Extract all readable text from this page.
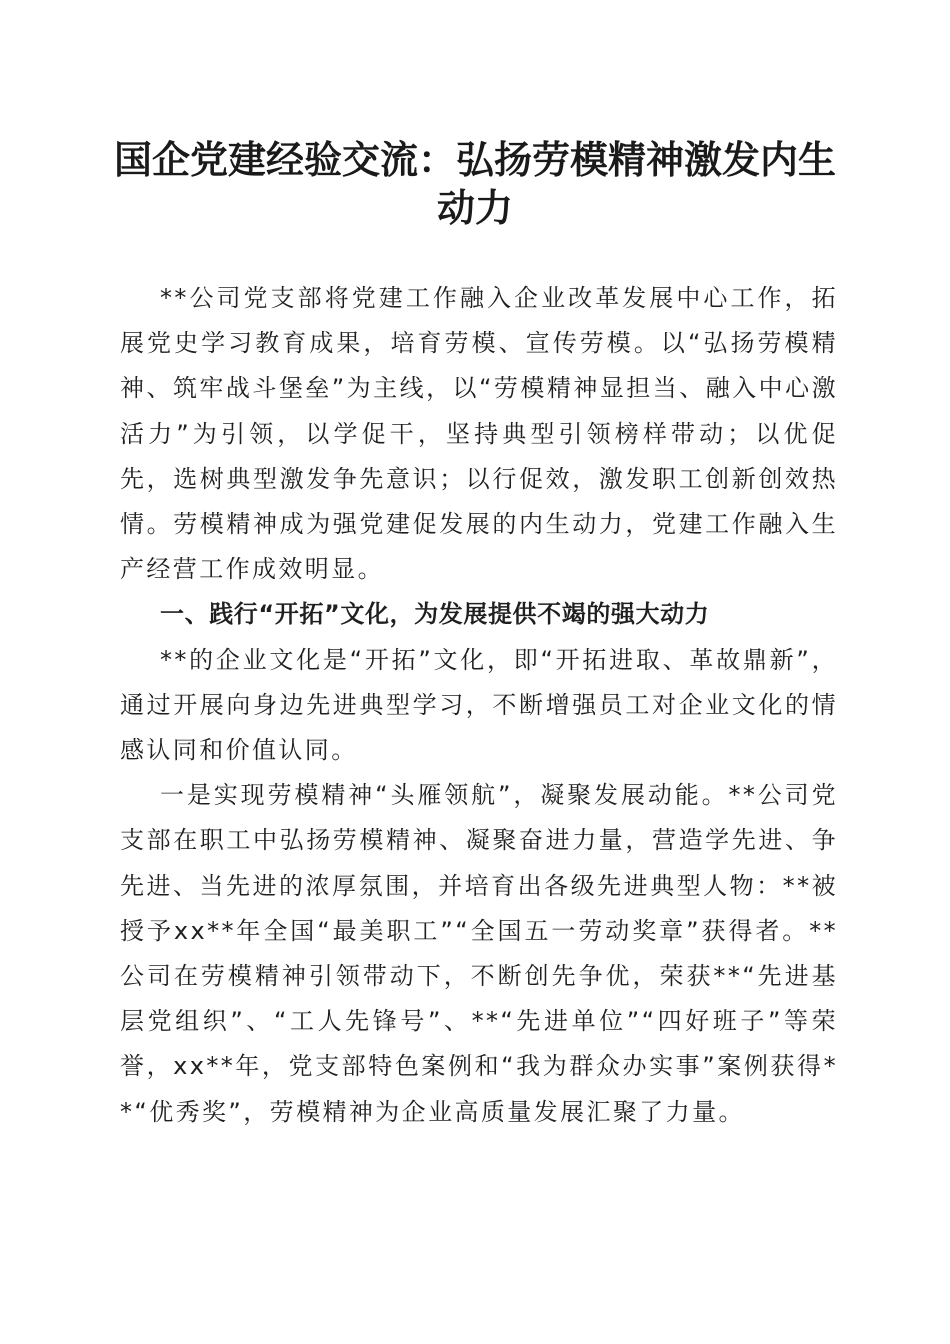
国企党建经验交流：弘扬劳模精神激发内生动力

**公司党支部将党建工作融入企业改革发展中心工作，拓展党史学习教育成果，培育劳模、宣传劳模。以“弘扬劳模精神、筑牢战斗堡垒”为主线，以“劳模精神显担当、融入中心激活力”为引领，以学促干，坚持典型引领榜样带动；以优促先，选树典型激发争先意识；以行促效，激发职工创新创效热情。劳模精神成为强党建促发展的内生动力，党建工作融入生产经营工作成效明显。

一、践行“开拓”文化，为发展提供不竭的强大动力

**的企业文化是“开拓”文化，即“开拓进取、革故鼎新”，通过开展向身边先进典型学习，不断增强员工对企业文化的情感认同和价值认同。

一是实现劳模精神“头雁领航”，凝聚发展动能。**公司党支部在职工中弘扬劳模精神、凝聚奋进力量，营造学先进、争先进、当先进的浓厚氛围，并培育出各级先进典型人物：**被授予xx**年全国“最美职工”“全国五一劳动奖章”获得者。**公司在劳模精神引领带动下，不断创先争优，荣获**“先进基层党组织”、“工人先锋号”、**“先进单位”“四好班子”等荣誉，xx**年，党支部特色案例和“我为群众办实事”案例获得**“优秀奖”，劳模精神为企业高质量发展汇聚了力量。
